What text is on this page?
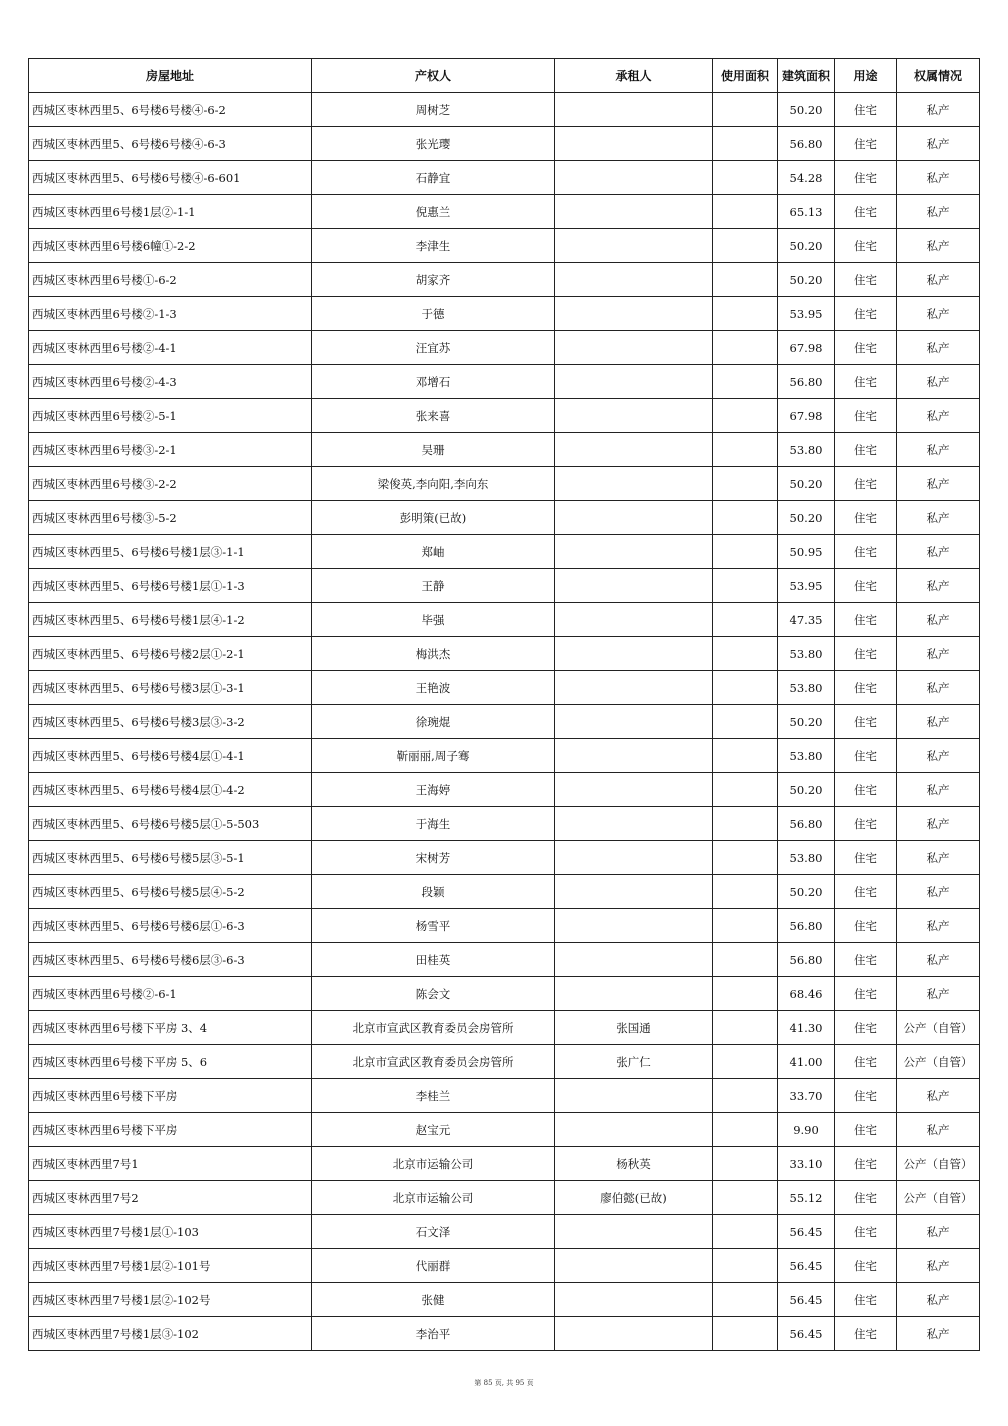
房屋地址	产权人	承租人	使用面积	建筑面积	用途	权属情况
西城区枣林西里5、6号楼6号楼④-6-2	周树芝			50.20	住宅	私产
西城区枣林西里5、6号楼6号楼④-6-3	张光璎			56.80	住宅	私产
西城区枣林西里5、6号楼6号楼④-6-601	石静宜			54.28	住宅	私产
西城区枣林西里6号楼1层②-1-1	倪惠兰			65.13	住宅	私产
西城区枣林西里6号楼6幢①-2-2	李津生			50.20	住宅	私产
西城区枣林西里6号楼①-6-2	胡家齐			50.20	住宅	私产
西城区枣林西里6号楼②-1-3	于德			53.95	住宅	私产
西城区枣林西里6号楼②-4-1	汪宜苏			67.98	住宅	私产
西城区枣林西里6号楼②-4-3	邓增石			56.80	住宅	私产
西城区枣林西里6号楼②-5-1	张来喜			67.98	住宅	私产
西城区枣林西里6号楼③-2-1	吴珊			53.80	住宅	私产
西城区枣林西里6号楼③-2-2	梁俊英,李向阳,李向东			50.20	住宅	私产
西城区枣林西里6号楼③-5-2	彭明策(已故)			50.20	住宅	私产
西城区枣林西里5、6号楼6号楼1层③-1-1	郑岫			50.95	住宅	私产
西城区枣林西里5、6号楼6号楼1层①-1-3	王静			53.95	住宅	私产
西城区枣林西里5、6号楼6号楼1层④-1-2	毕强			47.35	住宅	私产
西城区枣林西里5、6号楼6号楼2层①-2-1	梅洪杰			53.80	住宅	私产
西城区枣林西里5、6号楼6号楼3层①-3-1	王艳波			53.80	住宅	私产
西城区枣林西里5、6号楼6号楼3层③-3-2	徐琬焜			50.20	住宅	私产
西城区枣林西里5、6号楼6号楼4层①-4-1	靳丽丽,周子骞			53.80	住宅	私产
西城区枣林西里5、6号楼6号楼4层①-4-2	王海婷			50.20	住宅	私产
西城区枣林西里5、6号楼6号楼5层①-5-503	于海生			56.80	住宅	私产
西城区枣林西里5、6号楼6号楼5层③-5-1	宋树芳			53.80	住宅	私产
西城区枣林西里5、6号楼6号楼5层④-5-2	段颖			50.20	住宅	私产
西城区枣林西里5、6号楼6号楼6层①-6-3	杨雪平			56.80	住宅	私产
西城区枣林西里5、6号楼6号楼6层③-6-3	田桂英			56.80	住宅	私产
西城区枣林西里6号楼②-6-1	陈会文			68.46	住宅	私产
西城区枣林西里6号楼下平房 3、4	北京市宣武区教育委员会房管所	张国通		41.30	住宅	公产（自管）
西城区枣林西里6号楼下平房 5、6	北京市宣武区教育委员会房管所	张广仁		41.00	住宅	公产（自管）
西城区枣林西里6号楼下平房	李桂兰			33.70	住宅	私产
西城区枣林西里6号楼下平房	赵宝元			9.90	住宅	私产
西城区枣林西里7号1	北京市运输公司	杨秋英		33.10	住宅	公产（自管）
西城区枣林西里7号2	北京市运输公司	廖伯懿(已故)		55.12	住宅	公产（自管）
西城区枣林西里7号楼1层①-103	石文泽			56.45	住宅	私产
西城区枣林西里7号楼1层②-101号	代丽群			56.45	住宅	私产
西城区枣林西里7号楼1层②-102号	张健			56.45	住宅	私产
西城区枣林西里7号楼1层③-102	李治平			56.45	住宅	私产
第 85 页, 共 95 页
